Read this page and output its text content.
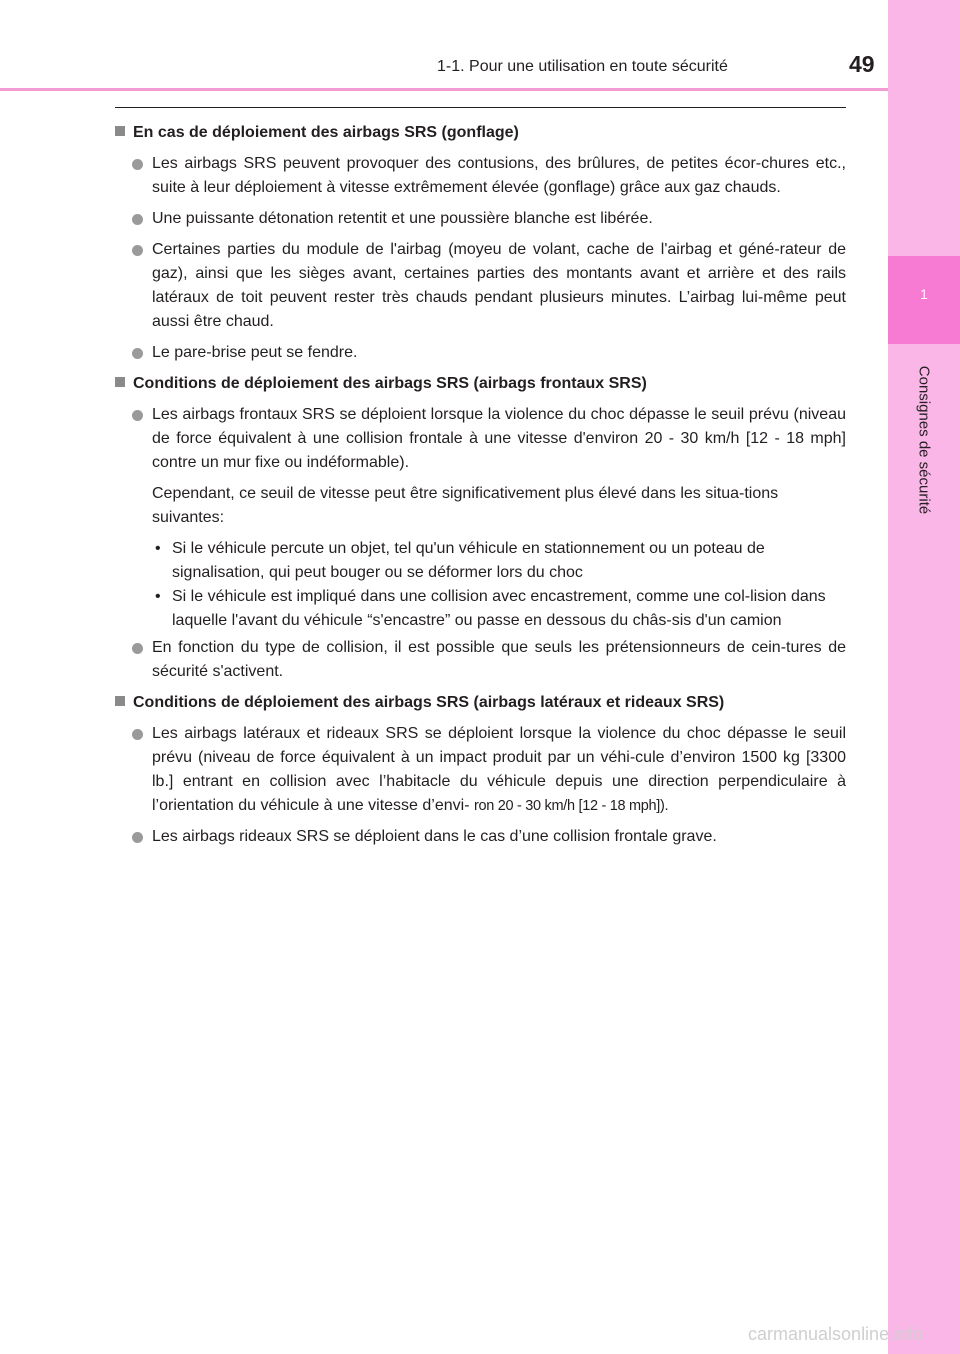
1
Consignes de sécurité
1-1. Pour une utilisation en toute sécurité	49
En cas de déploiement des airbags SRS (gonflage)
Les airbags SRS peuvent provoquer des contusions, des brûlures, de petites écor-chures etc., suite à leur déploiement à vitesse extrêmement élevée (gonflage) grâce aux gaz chauds.
Une puissante détonation retentit et une poussière blanche est libérée.
Certaines parties du module de l'airbag (moyeu de volant, cache de l'airbag et géné-rateur de gaz), ainsi que les sièges avant, certaines parties des montants avant et arrière et des rails latéraux de toit peuvent rester très chauds pendant plusieurs minutes. L’airbag lui-même peut aussi être chaud.
Le pare-brise peut se fendre.
Conditions de déploiement des airbags SRS (airbags frontaux SRS)
Les airbags frontaux SRS se déploient lorsque la violence du choc dépasse le seuil prévu (niveau de force équivalent à une collision frontale à une vitesse d'environ 20 - 30 km/h [12 - 18 mph] contre un mur fixe ou indéformable).
Cependant, ce seuil de vitesse peut être significativement plus élevé dans les situa-tions suivantes:
• Si le véhicule percute un objet, tel qu'un véhicule en stationnement ou un poteau de signalisation, qui peut bouger ou se déformer lors du choc
• Si le véhicule est impliqué dans une collision avec encastrement, comme une col-lision dans laquelle l'avant du véhicule “s'encastre” ou passe en dessous du châs-sis d'un camion
En fonction du type de collision, il est possible que seuls les prétensionneurs de cein-tures de sécurité s'activent.
Conditions de déploiement des airbags SRS (airbags latéraux et rideaux SRS)
Les airbags latéraux et rideaux SRS se déploient lorsque la violence du choc dépasse le seuil prévu (niveau de force équivalent à un impact produit par un véhi-cule d’environ 1500 kg [3300 lb.] entrant en collision avec l’habitacle du véhicule depuis une direction perpendiculaire à l’orientation du véhicule à une vitesse d’envi- ron 20 - 30 km/h [12 - 18 mph]).
Les airbags rideaux SRS se déploient dans le cas d’une collision frontale grave.
carmanualsonline.info
